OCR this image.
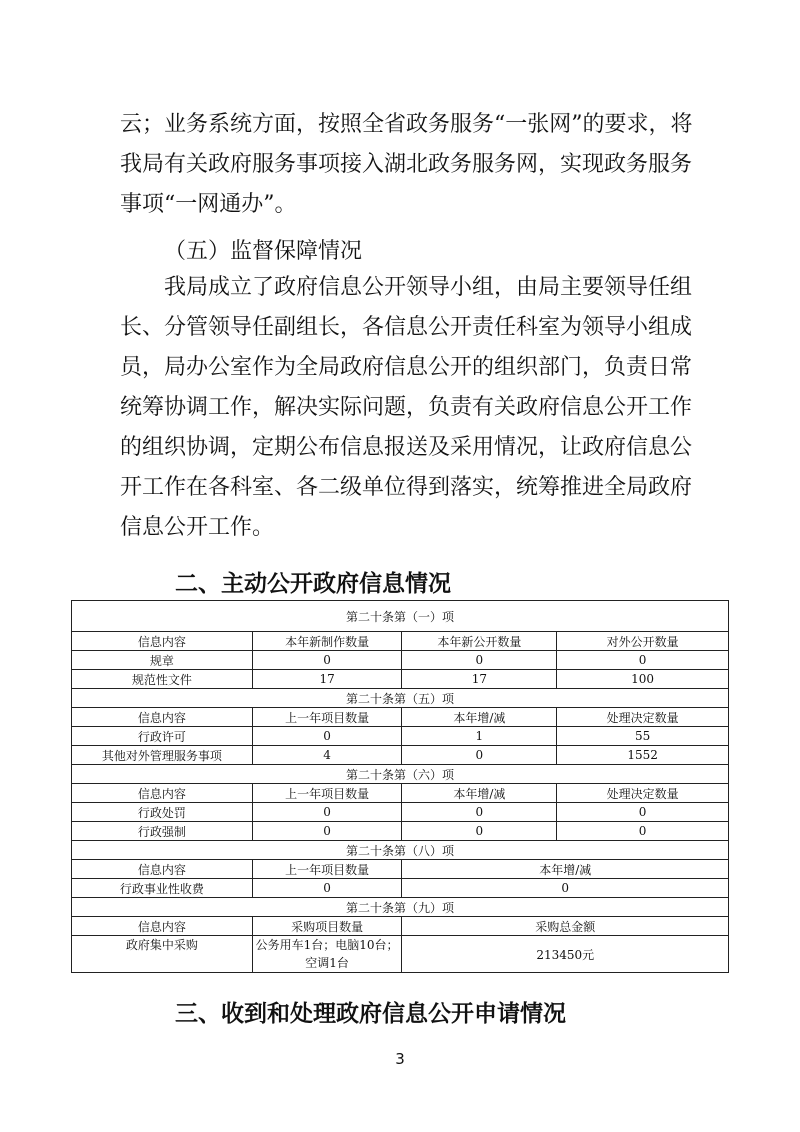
云；业务系统方面，按照全省政务服务“一张网”的要求，将
我局有关政府服务事项接入湖北政务服务网，实现政务服务
事项“一网通办”。
（五）监督保障情况
我局成立了政府信息公开领导小组，由局主要领导任组
长、分管领导任副组长，各信息公开责任科室为领导小组成
员，局办公室作为全局政府信息公开的组织部门，负责日常
统筹协调工作，解决实际问题，负责有关政府信息公开工作
的组织协调，定期公布信息报送及采用情况，让政府信息公
开工作在各科室、各二级单位得到落实，统筹推进全局政府
信息公开工作。
二、主动公开政府信息情况
第二十条第（一）项			
信息内容	本年新制作数量	本年新公开数量	对外公开数量
规章	0	0	0
规范性文件	17	17	100
第二十条第（五）项			
信息内容	上一年项目数量	本年增/减	处理决定数量
行政许可	0	1	55
其他对外管理服务事项	4	0	1552
第二十条第（六）项			
信息内容	上一年项目数量	本年增/减	处理决定数量
行政处罚	0	0	0
行政强制	0	0	0
第二十条第（八）项			
信息内容	上一年项目数量	本年增/减	
行政事业性收费	0	0	
第二十条第（九）项			
信息内容	采购项目数量	采购总金额	
政府集中采购	公务用车1台；电脑10台；空调1台	213450元	
三、收到和处理政府信息公开申请情况
3
